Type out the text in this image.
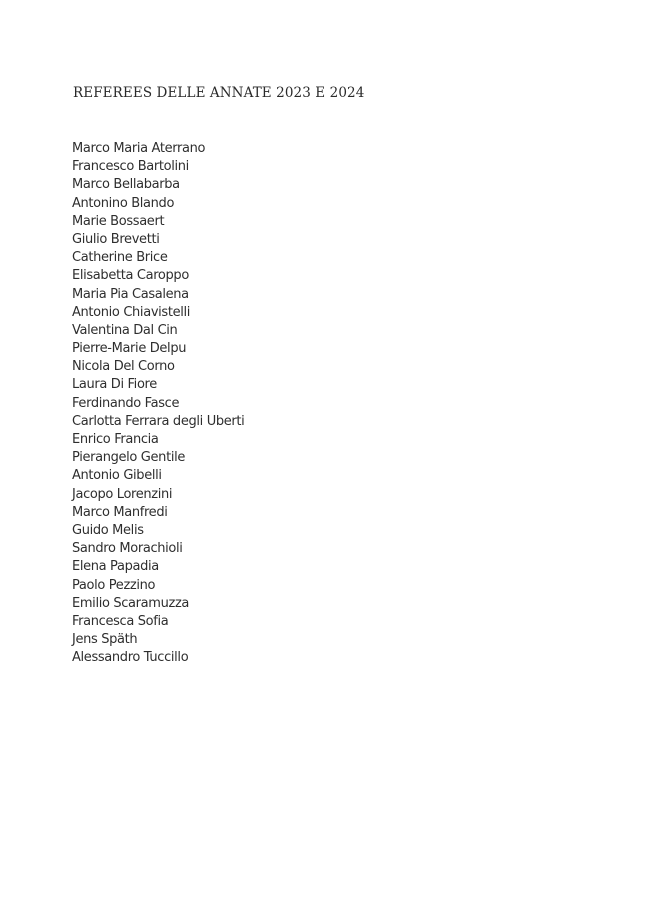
REFEREES DELLE ANNATE 2023 E 2024
Marco Maria Aterrano
Francesco Bartolini
Marco Bellabarba
Antonino Blando
Marie Bossaert
Giulio Brevetti
Catherine Brice
Elisabetta Caroppo
Maria Pia Casalena
Antonio Chiavistelli
Valentina Dal Cin
Pierre-Marie Delpu
Nicola Del Corno
Laura Di Fiore
Ferdinando Fasce
Carlotta Ferrara degli Uberti
Enrico Francia
Pierangelo Gentile
Antonio Gibelli
Jacopo Lorenzini
Marco Manfredi
Guido Melis
Sandro Morachioli
Elena Papadia
Paolo Pezzino
Emilio Scaramuzza
Francesca Sofia
Jens Späth
Alessandro Tuccillo
